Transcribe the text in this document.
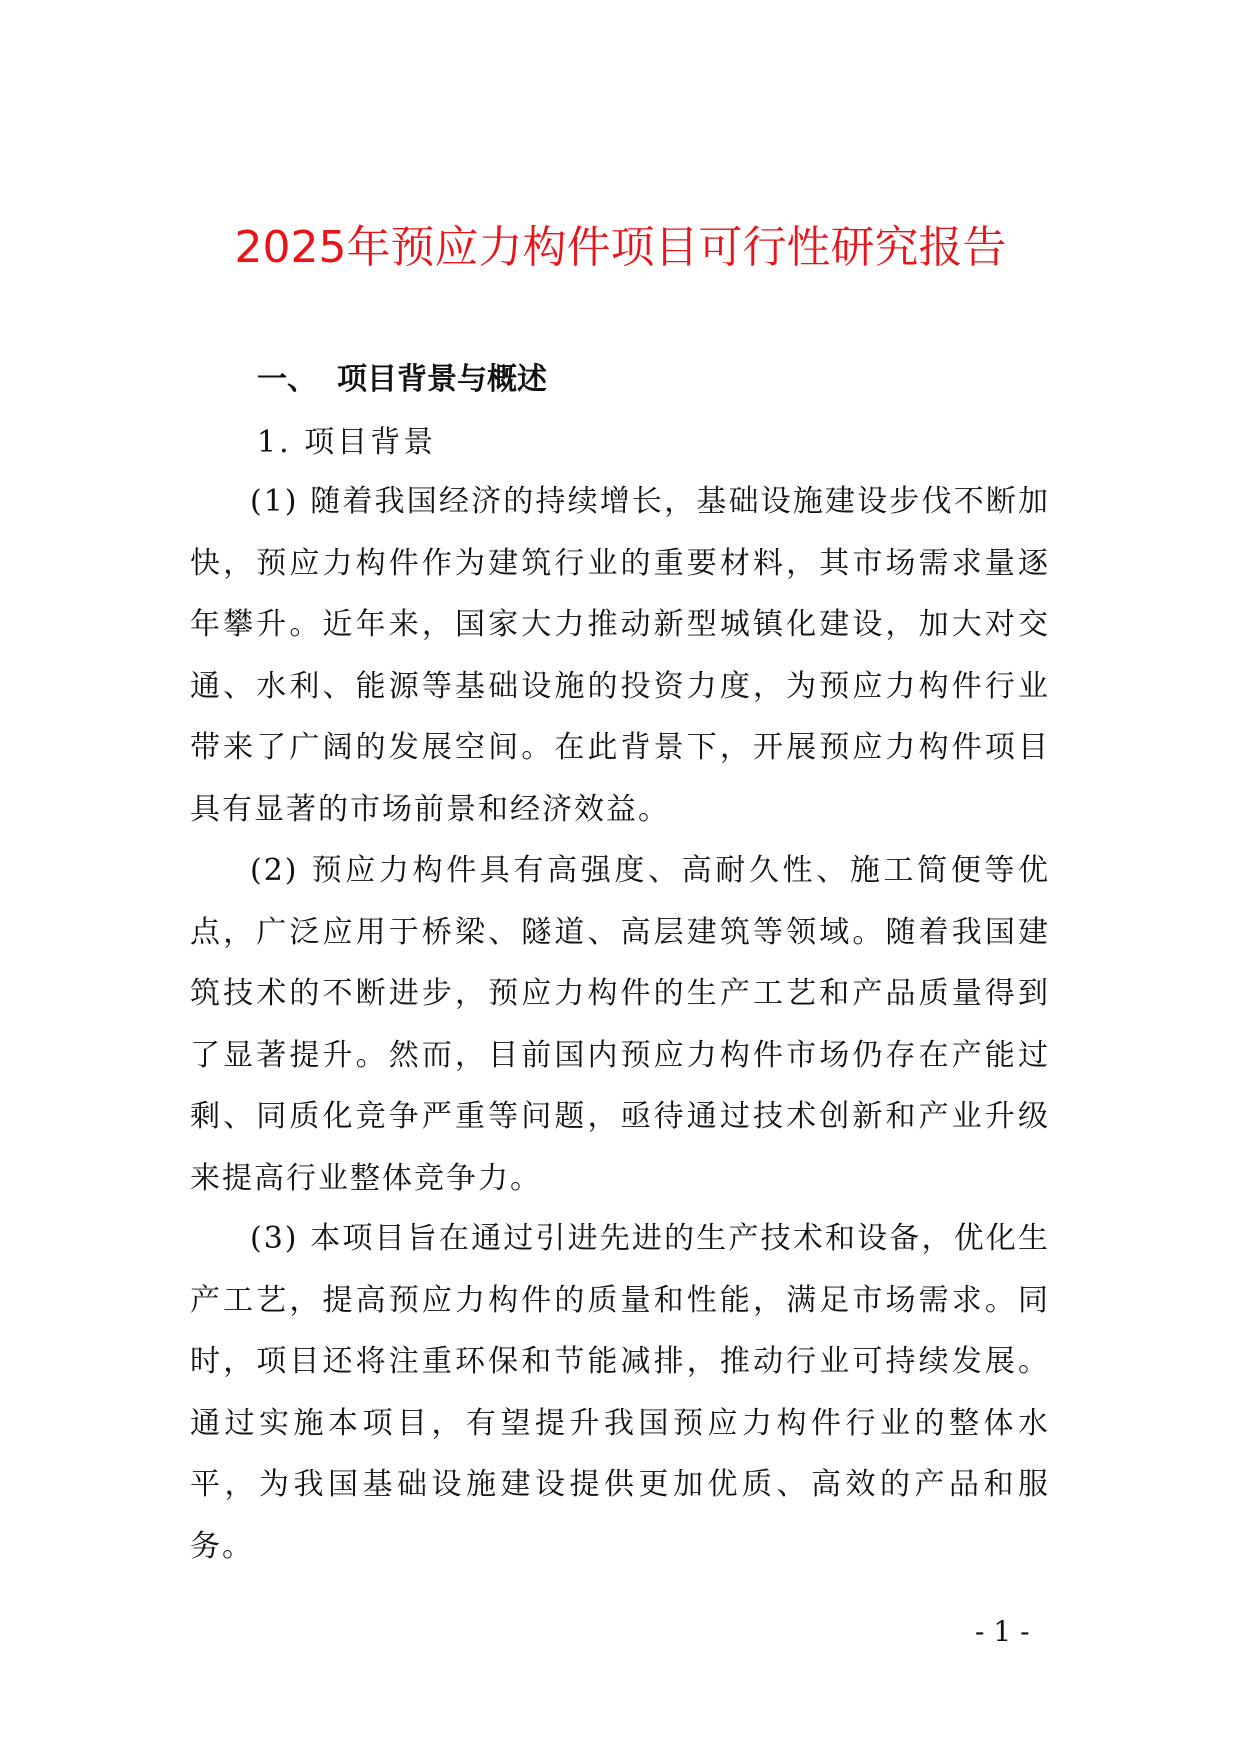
2025年预应力构件项目可行性研究报告
一、 项目背景与概述
1. 项目背景

(1) 随着我国经济的持续增长，基础设施建设步伐不断加快，预应力构件作为建筑行业的重要材料，其市场需求量逐年攀升。近年来，国家大力推动新型城镇化建设，加大对交通、水利、能源等基础设施的投资力度，为预应力构件行业带来了广阔的发展空间。在此背景下，开展预应力构件项目具有显著的市场前景和经济效益。

(2) 预应力构件具有高强度、高耐久性、施工简便等优点，广泛应用于桥梁、隧道、高层建筑等领域。随着我国建筑技术的不断进步，预应力构件的生产工艺和产品质量得到了显著提升。然而，目前国内预应力构件市场仍存在产能过剩、同质化竞争严重等问题，亟待通过技术创新和产业升级来提高行业整体竞争力。

(3) 本项目旨在通过引进先进的生产技术和设备，优化生产工艺，提高预应力构件的质量和性能，满足市场需求。同时，项目还将注重环保和节能减排，推动行业可持续发展。通过实施本项目，有望提升我国预应力构件行业的整体水平，为我国基础设施建设提供更加优质、高效的产品和服务。

- 1 -
